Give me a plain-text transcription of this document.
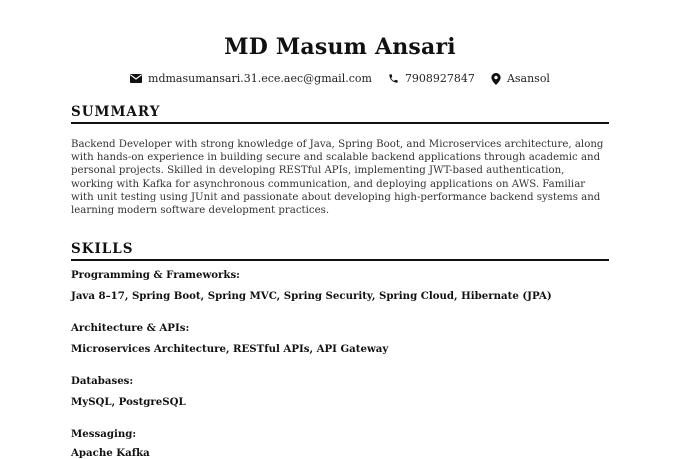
MD Masum Ansari
mdmasumansari.31.ece.aec@gmail.com	7908927847	Asansol
SUMMARY
Backend Developer with strong knowledge of Java, Spring Boot, and Microservices architecture, along with hands-on experience in building secure and scalable backend applications through academic and personal projects. Skilled in developing RESTful APIs, implementing JWT-based authentication, working with Kafka for asynchronous communication, and deploying applications on AWS. Familiar with unit testing using JUnit and passionate about developing high-performance backend systems and learning modern software development practices.
SKILLS
Programming & Frameworks:
Java 8–17, Spring Boot, Spring MVC, Spring Security, Spring Cloud, Hibernate (JPA)
Architecture & APIs:
Microservices Architecture, RESTful APIs, API Gateway
Databases:
MySQL, PostgreSQL
Messaging:
Apache Kafka
